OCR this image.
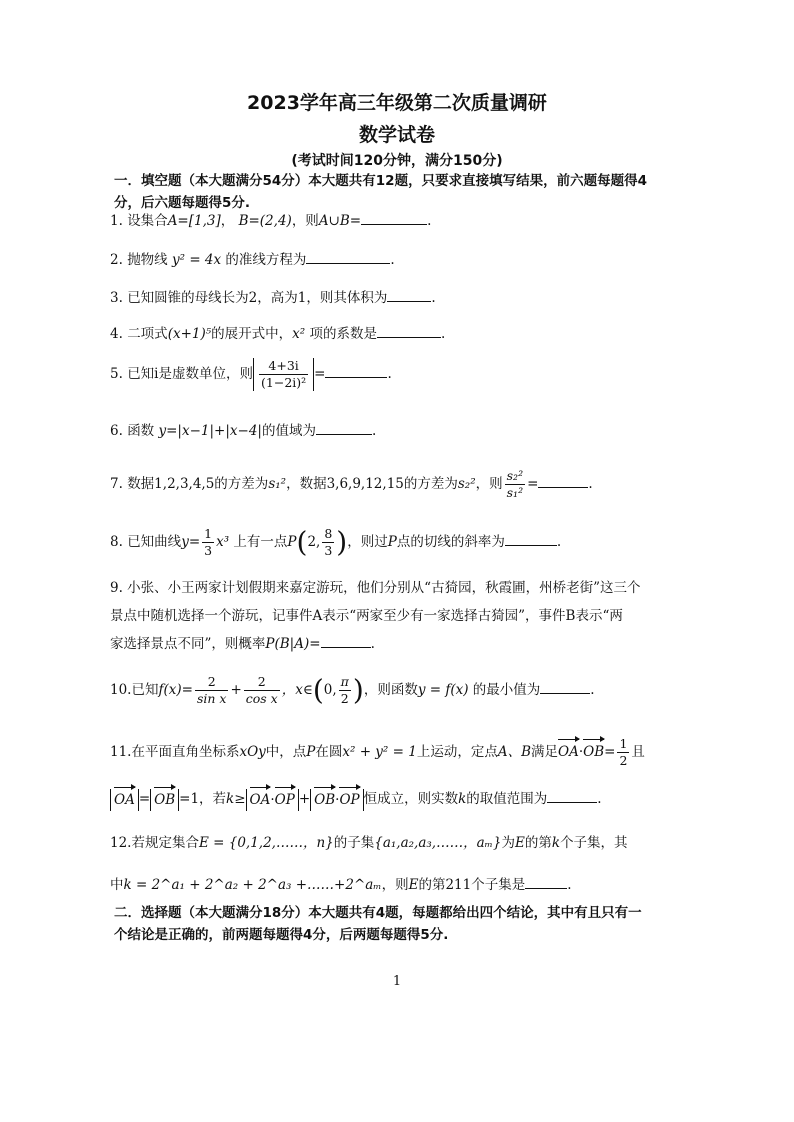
2023学年高三年级第二次质量调研
数学试卷
(考试时间120分钟，满分150分)
一．填空题（本大题满分54分）本大题共有12题，只要求直接填写结果，前六题每题得4
分，后六题每题得5分.
1. 设集合A=[1,3]， B=(2,4)，则A∪B=	.
2. 抛物线 y² = 4x 的准线方程为	.
3. 已知圆锥的母线长为2，高为1，则其体积为	.
4. 二项式(x+1)⁵的展开式中，x² 项的系数是	.
5. 已知i是虚数单位，则 $\frac{4+3i}{\text{(1−2i)²}}$ =	.
6. 函数 y=|x−1|+|x−4|的值域为	.
7. 数据1,2,3,4,5的方差为s₁²，数据3,6,9,12,15的方差为s₂²，则 $\frac{\text{s₂²}}{\text{s₁²}}$ =	.
8. 已知曲线$y= \frac{1}{3} x^3$ 上有一点P(2, $\frac{8}{3}$ )，则过P点的切线的斜率为	.
9. 小张、小王两家计划假期来嘉定游玩，他们分别从“古猗园，秋霞圃，州桥老街”这三个
景点中随机选择一个游玩，记事件A表示“两家至少有一家选择古猗园”，事件B表示“两
家选择景点不同”，则概率P(B|A)=	.
10.已知$f(x)= \frac{2}{\text{sin x}} + \frac{2}{\text{cos x}}$ ，x∈(0, $\frac{\pi}{2}$ )，则函数y = f(x) 的最小值为	.
11.在平面直角坐标系xOy中，点P在圆x² + y² = 1上运动，定点A、B满足$OA\cdot OB= \frac{1}{2}$ 且
OA = OB =1，若k≥ OA·OP + OB·OP 恒成立，则实数k的取值范围为	.
12.若规定集合E = {0,1,2,……，n}的子集{a₁,a₂,a₃,……，aₘ}为E的第k个子集，其
中k = 2^a₁ + 2^a₂ + 2^a₃ +……+2^aₘ，则E的第211个子集是	.
二．选择题（本大题满分18分）本大题共有4题，每题都给出四个结论，其中有且只有一
个结论是正确的，前两题每题得4分，后两题每题得5分.
1
